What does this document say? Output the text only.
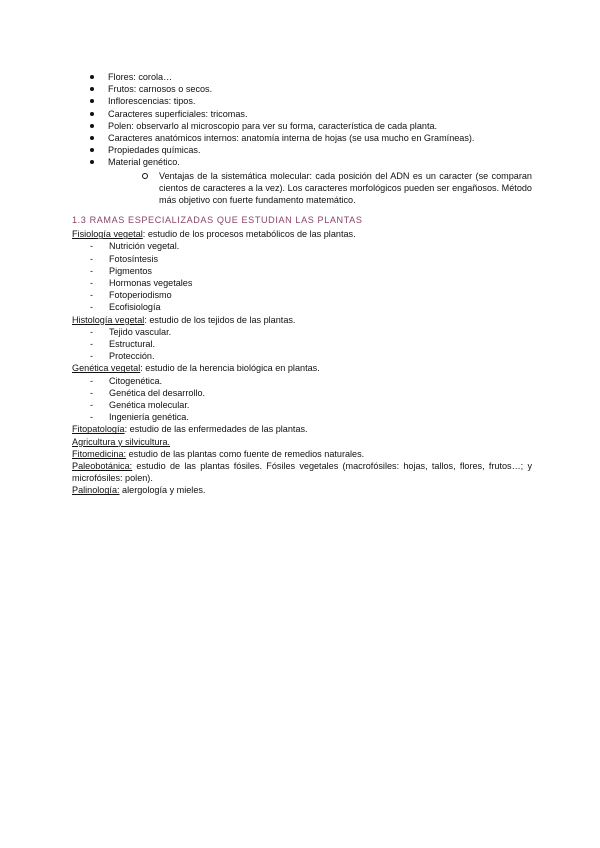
Flores: corola…
Frutos: carnosos o secos.
Inflorescencias: tipos.
Caracteres superficiales: tricomas.
Polen: observarlo al microscopio para ver su forma, característica de cada planta.
Caracteres anatómicos internos: anatomía interna de hojas (se usa mucho en Gramíneas).
Propiedades químicas.
Material genético.
Ventajas de la sistemática molecular: cada posición del ADN es un caracter (se comparan cientos de caracteres a la vez). Los caracteres morfológicos pueden ser engañosos. Método más objetivo con fuerte fundamento matemático.
1.3 RAMAS ESPECIALIZADAS QUE ESTUDIAN LAS PLANTAS
Fisiología vegetal: estudio de los procesos metabólicos de las plantas.
- Nutrición vegetal.
- Fotosíntesis
- Pigmentos
- Hormonas vegetales
- Fotoperiodismo
- Ecofisiología
Histología vegetal: estudio de los tejidos de las plantas.
- Tejido vascular.
- Estructural.
- Protección.
Genética vegetal: estudio de la herencia biológica en plantas.
- Citogenética.
- Genética del desarrollo.
- Genética molecular.
- Ingeniería genética.
Fitopatología: estudio de las enfermedades de las plantas.
Agricultura y silvicultura.
Fitomedicina: estudio de las plantas como fuente de remedios naturales.
Paleobotánica: estudio de las plantas fósiles. Fósiles vegetales (macrofósiles: hojas, tallos, flores, frutos…; y microfósiles: polen).
Palinología: alergología y mieles.
